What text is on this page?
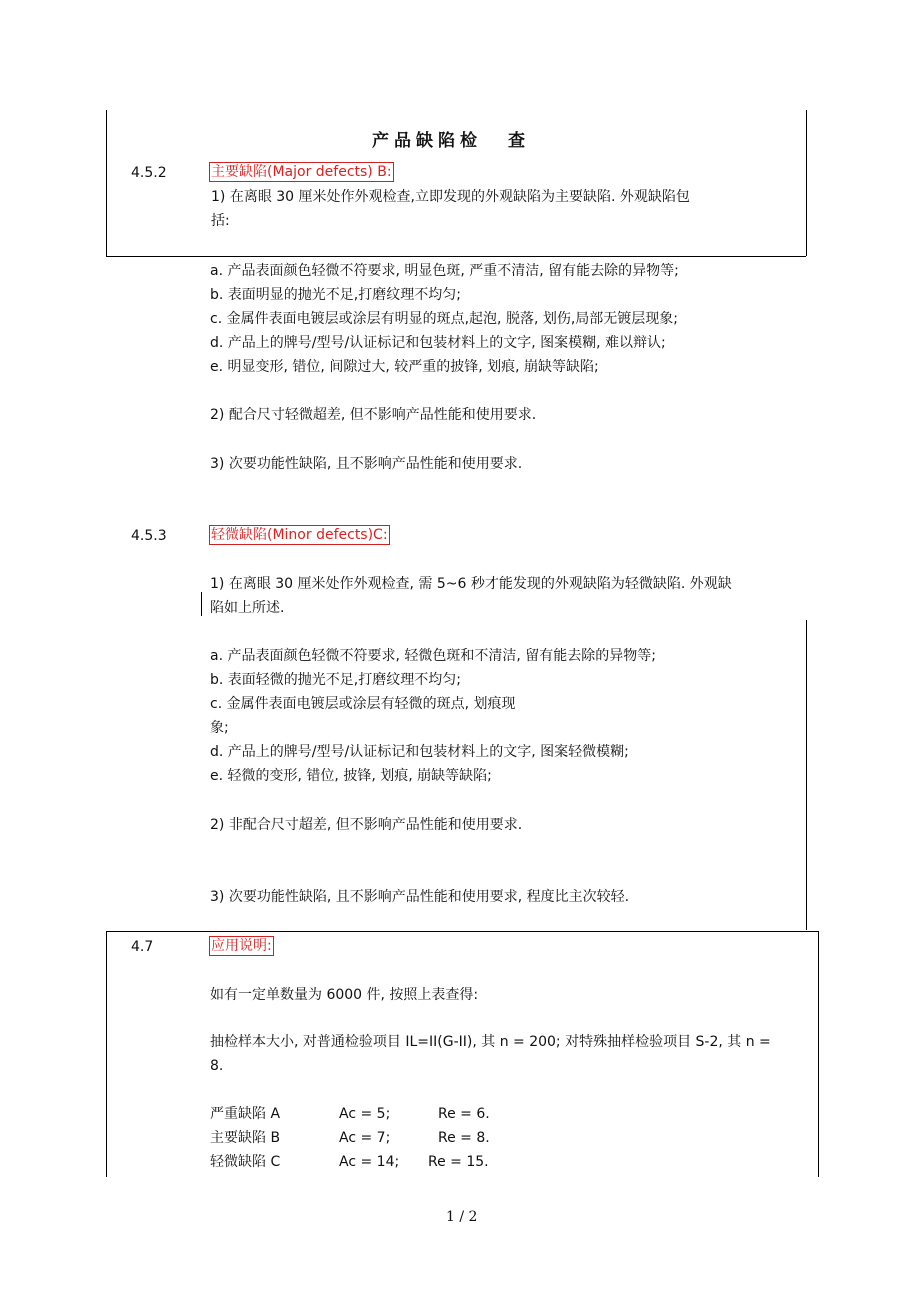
产品缺陷检 查
4.5.2	主要缺陷(Major defects) B:
1) 在离眼 30 厘米处作外观检查,立即发现的外观缺陷为主要缺陷. 外观缺陷包
括:
a. 产品表面颜色轻微不符要求, 明显色斑, 严重不清洁, 留有能去除的异物等;
b. 表面明显的抛光不足,打磨纹理不均匀;
c. 金属件表面电镀层或涂层有明显的斑点,起泡, 脱落, 划伤,局部无镀层现象;
d. 产品上的牌号/型号/认证标记和包装材料上的文字, 图案模糊, 难以辩认;
e. 明显变形, 错位, 间隙过大, 较严重的披锋, 划痕, 崩缺等缺陷;
2) 配合尺寸轻微超差, 但不影响产品性能和使用要求.
3) 次要功能性缺陷, 且不影响产品性能和使用要求.
4.5.3	轻微缺陷(Minor defects)C:
1) 在离眼 30 厘米处作外观检查, 需 5~6 秒才能发现的外观缺陷为轻微缺陷. 外观缺
陷如上所述.
a. 产品表面颜色轻微不符要求, 轻微色斑和不清洁, 留有能去除的异物等;
b. 表面轻微的抛光不足,打磨纹理不均匀;
c. 金属件表面电镀层或涂层有轻微的斑点, 划痕现
象;
d. 产品上的牌号/型号/认证标记和包装材料上的文字, 图案轻微模糊;
e. 轻微的变形, 错位, 披锋, 划痕, 崩缺等缺陷;
2) 非配合尺寸超差, 但不影响产品性能和使用要求.
3) 次要功能性缺陷, 且不影响产品性能和使用要求, 程度比主次较轻.
4.7	应用说明:
如有一定单数量为 6000 件, 按照上表查得:
抽检样本大小, 对普通检验项目 IL=II(G-II), 其 n = 200; 对特殊抽样检验项目 S-2, 其 n =
8.
严重缺陷 A	Ac = 5;	Re = 6.
主要缺陷 B	Ac = 7;	Re = 8.
轻微缺陷 C	Ac = 14; Re = 15.
1 / 2
